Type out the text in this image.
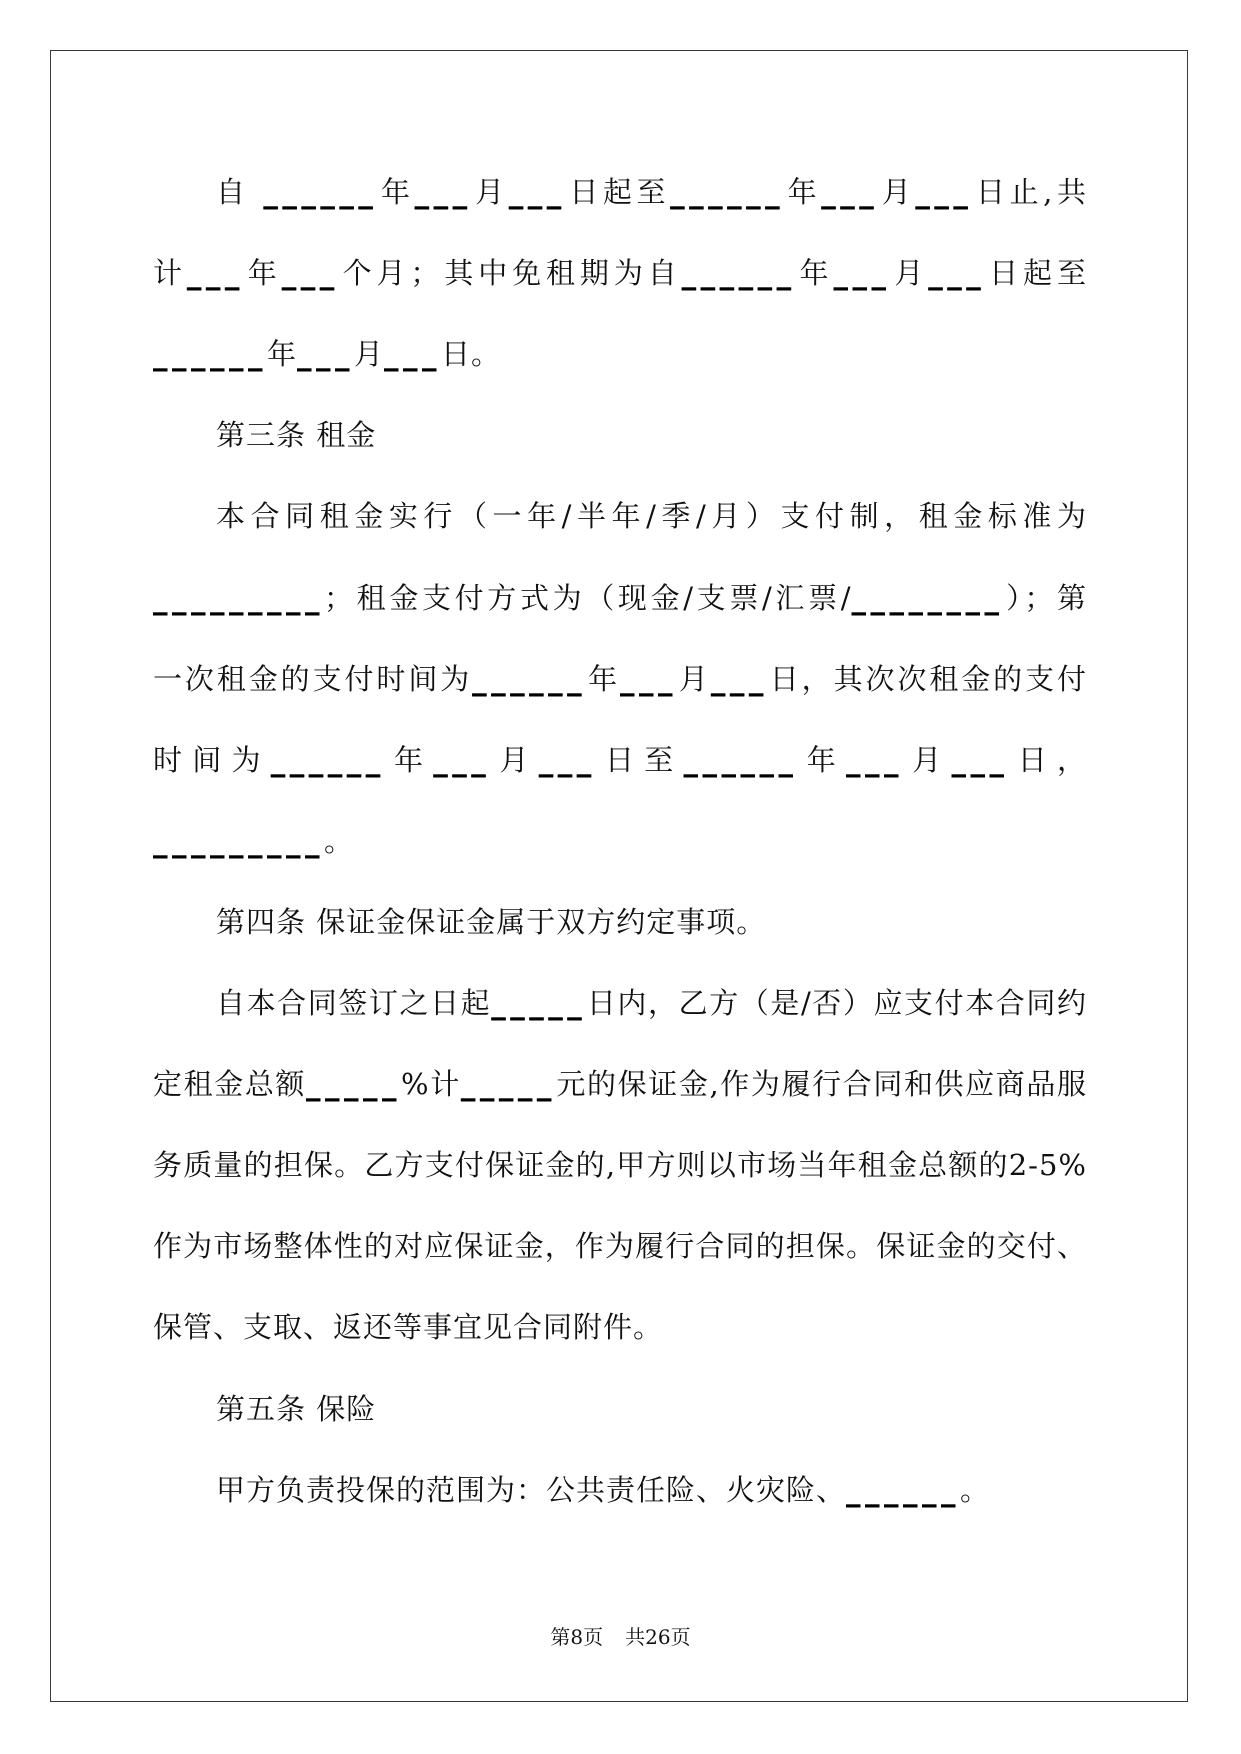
自 ______年___月___日起至______年___月___日止,共
计___年___个月；其中免租期为自______年___月___日起至
______年___月___日。
第三条 租金
本合同租金实行（一年/半年/季/月）支付制，租金标准为
_________；租金支付方式为（现金/支票/汇票/________）；第
一次租金的支付时间为______年___月___日，其次次租金的支付
时间为______年___月___日至______年___月___日，
_________。
第四条 保证金保证金属于双方约定事项。
自本合同签订之日起_____日内，乙方（是/否）应支付本合同约
定租金总额_____%计_____元的保证金,作为履行合同和供应商品服
务质量的担保。乙方支付保证金的,甲方则以市场当年租金总额的2-5%
作为市场整体性的对应保证金，作为履行合同的担保。保证金的交付、
保管、支取、返还等事宜见合同附件。
第五条 保险
甲方负责投保的范围为：公共责任险、火灾险、______。
第8页 共26页
